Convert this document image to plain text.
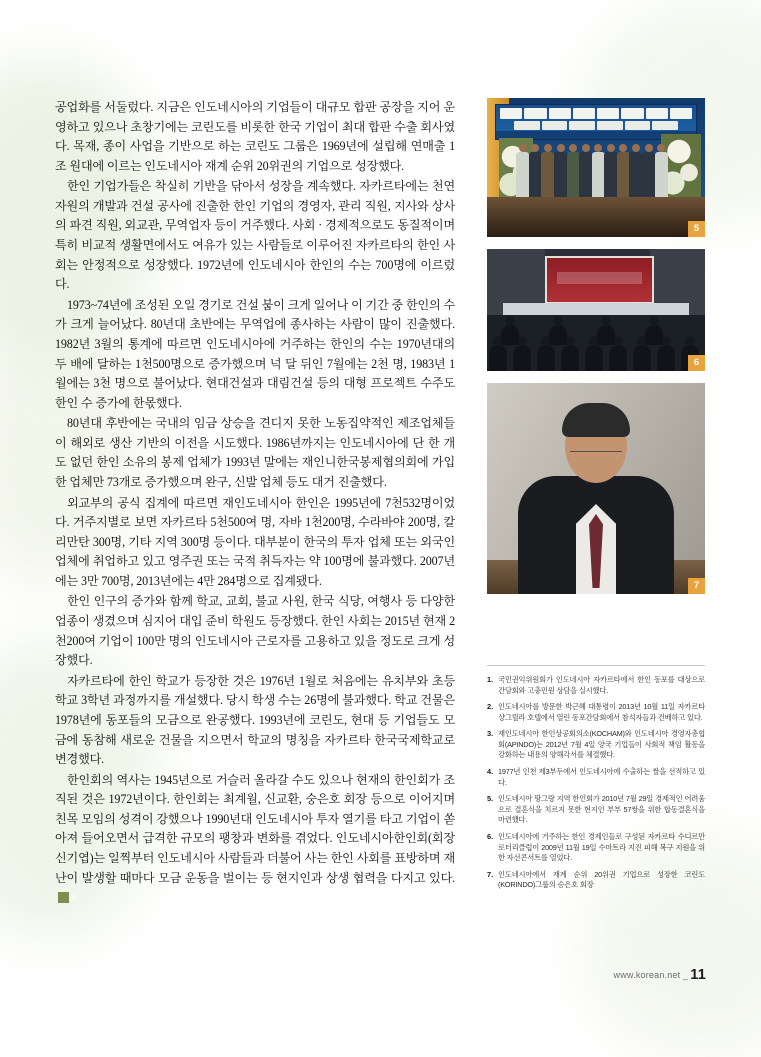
공업화를 서둘렀다. 지금은 인도네시아의 기업들이 대규모 합판 공장을 지어 운영하고 있으나 초창기에는 코린도를 비롯한 한국 기업이 최대 합판 수출 회사였다. 목재, 종이 사업을 기반으로 하는 코린도 그룹은 1969년에 설립해 연매출 1조 원대에 이르는 인도네시아 재계 순위 20위권의 기업으로 성장했다.

한인 기업가들은 착실히 기반을 닦아서 성장을 계속했다. 자카르타에는 천연자원의 개발과 건설 공사에 진출한 한인 기업의 경영자, 관리 직원, 지사와 상사의 파견 직원, 외교관, 무역업자 등이 거주했다. 사회 · 경제적으로도 동질적이며 특히 비교적 생활면에서도 여유가 있는 사람들로 이루어진 자카르타의 한인 사회는 안정적으로 성장했다. 1972년에 인도네시아 한인의 수는 700명에 이르렀다.

1973~74년에 조성된 오일 경기로 건설 붐이 크게 일어나 이 기간 중 한인의 수가 크게 늘어났다. 80년대 초반에는 무역업에 종사하는 사람이 많이 진출했다. 1982년 3월의 통계에 따르면 인도네시아에 거주하는 한인의 수는 1970년대의 두 배에 달하는 1천500명으로 증가했으며 넉 달 뒤인 7월에는 2천 명, 1983년 1월에는 3천 명으로 불어났다. 현대건설과 대림건설 등의 대형 프로젝트 수주도 한인 수 증가에 한몫했다.

80년대 후반에는 국내의 임금 상승을 견디지 못한 노동집약적인 제조업체들이 해외로 생산 기반의 이전을 시도했다. 1986년까지는 인도네시아에 단 한 개도 없던 한인 소유의 봉제 업체가 1993년 말에는 재인니한국봉제협의회에 가입한 업체만 73개로 증가했으며 완구, 신발 업체 등도 대거 진출했다.

외교부의 공식 집계에 따르면 재인도네시아 한인은 1995년에 7천532명이었다. 거주지별로 보면 자카르타 5천500여 명, 자바 1천200명, 수라바야 200명, 칼리만탄 300명, 기타 지역 300명 등이다. 대부분이 한국의 투자 업체 또는 외국인 업체에 취업하고 있고 영주권 또는 국적 취득자는 약 100명에 불과했다. 2007년에는 3만 700명, 2013년에는 4만 284명으로 집계됐다.

한인 인구의 증가와 함께 학교, 교회, 불교 사원, 한국 식당, 여행사 등 다양한 업종이 생겼으며 심지어 대입 준비 학원도 등장했다. 한인 사회는 2015년 현재 2천200여 기업이 100만 명의 인도네시아 근로자를 고용하고 있을 정도로 크게 성장했다.

자카르타에 한인 학교가 등장한 것은 1976년 1월로 처음에는 유치부와 초등학교 3학년 과정까지를 개설했다. 당시 학생 수는 26명에 불과했다. 학교 건물은 1978년에 동포들의 모금으로 완공했다. 1993년에 코린도, 현대 등 기업들도 모금에 동참해 새로운 건물을 지으면서 학교의 명칭을 자카르타 한국국제학교로 변경했다.

한인회의 역사는 1945년으로 거슬러 올라갈 수도 있으나 현재의 한인회가 조직된 것은 1972년이다. 한인회는 최계월, 신교환, 숭은호 회장 등으로 이어지며 친목 모임의 성격이 강했으나 1990년대 인도네시아 투자 열기를 타고 기업이 쏟아져 들어오면서 급격한 규모의 팽창과 변화를 겪었다. 인도네시아한인회(회장 신기엽)는 일찍부터 인도네시아 사람들과 더불어 사는 한인 사회를 표방하며 재난이 발생할 때마다 모금 운동을 벌이는 등 현지인과 상생 협력을 다지고 있다.초

5
6
7
1. 국민권익위원회가 인도네시아 자카르타에서 한인 동포를 대상으로 간담회와 고충민원 상담을 실시했다.
2. 인도네시아를 방문한 박근혜 대통령이 2013년 10월 11일 자카르타 샹그릴라 호텔에서 열린 동포간담회에서 참석자들과 건배하고 있다.
3. 재인도네시아 한인상공회의소(KOCHAM)와 인도네시아 경영자총협회(APINDO)는 2012년 7월 4일 양국 기업들이 사회적 책임 활동을 강화하는 내용의 양해각서를 체결했다.
4. 1977년 인천 제3부두에서 인도네시아에 수출하는 쌀을 선적하고 있다.
5. 인도네시아 땅그랑 지역 한인회가 2010년 7월 29일 경제적인 어려움으로 결혼식을 치르지 못한 현지인 부부 57쌍을 위한 합동결혼식을 마련했다.
6. 인도네시아에 거주하는 한인 경제인들로 구성된 자카르타 수디르만 로터리클럽이 2009년 11월 19일 수마트라 지진 피해 복구 지원을 위한 자선콘서트를 열었다.
7. 인도네시아에서 재계 순위 20위권 기업으로 성장한 코린도(KORINDO)그룹의 승은호 회장
www.korean.net _ 11
